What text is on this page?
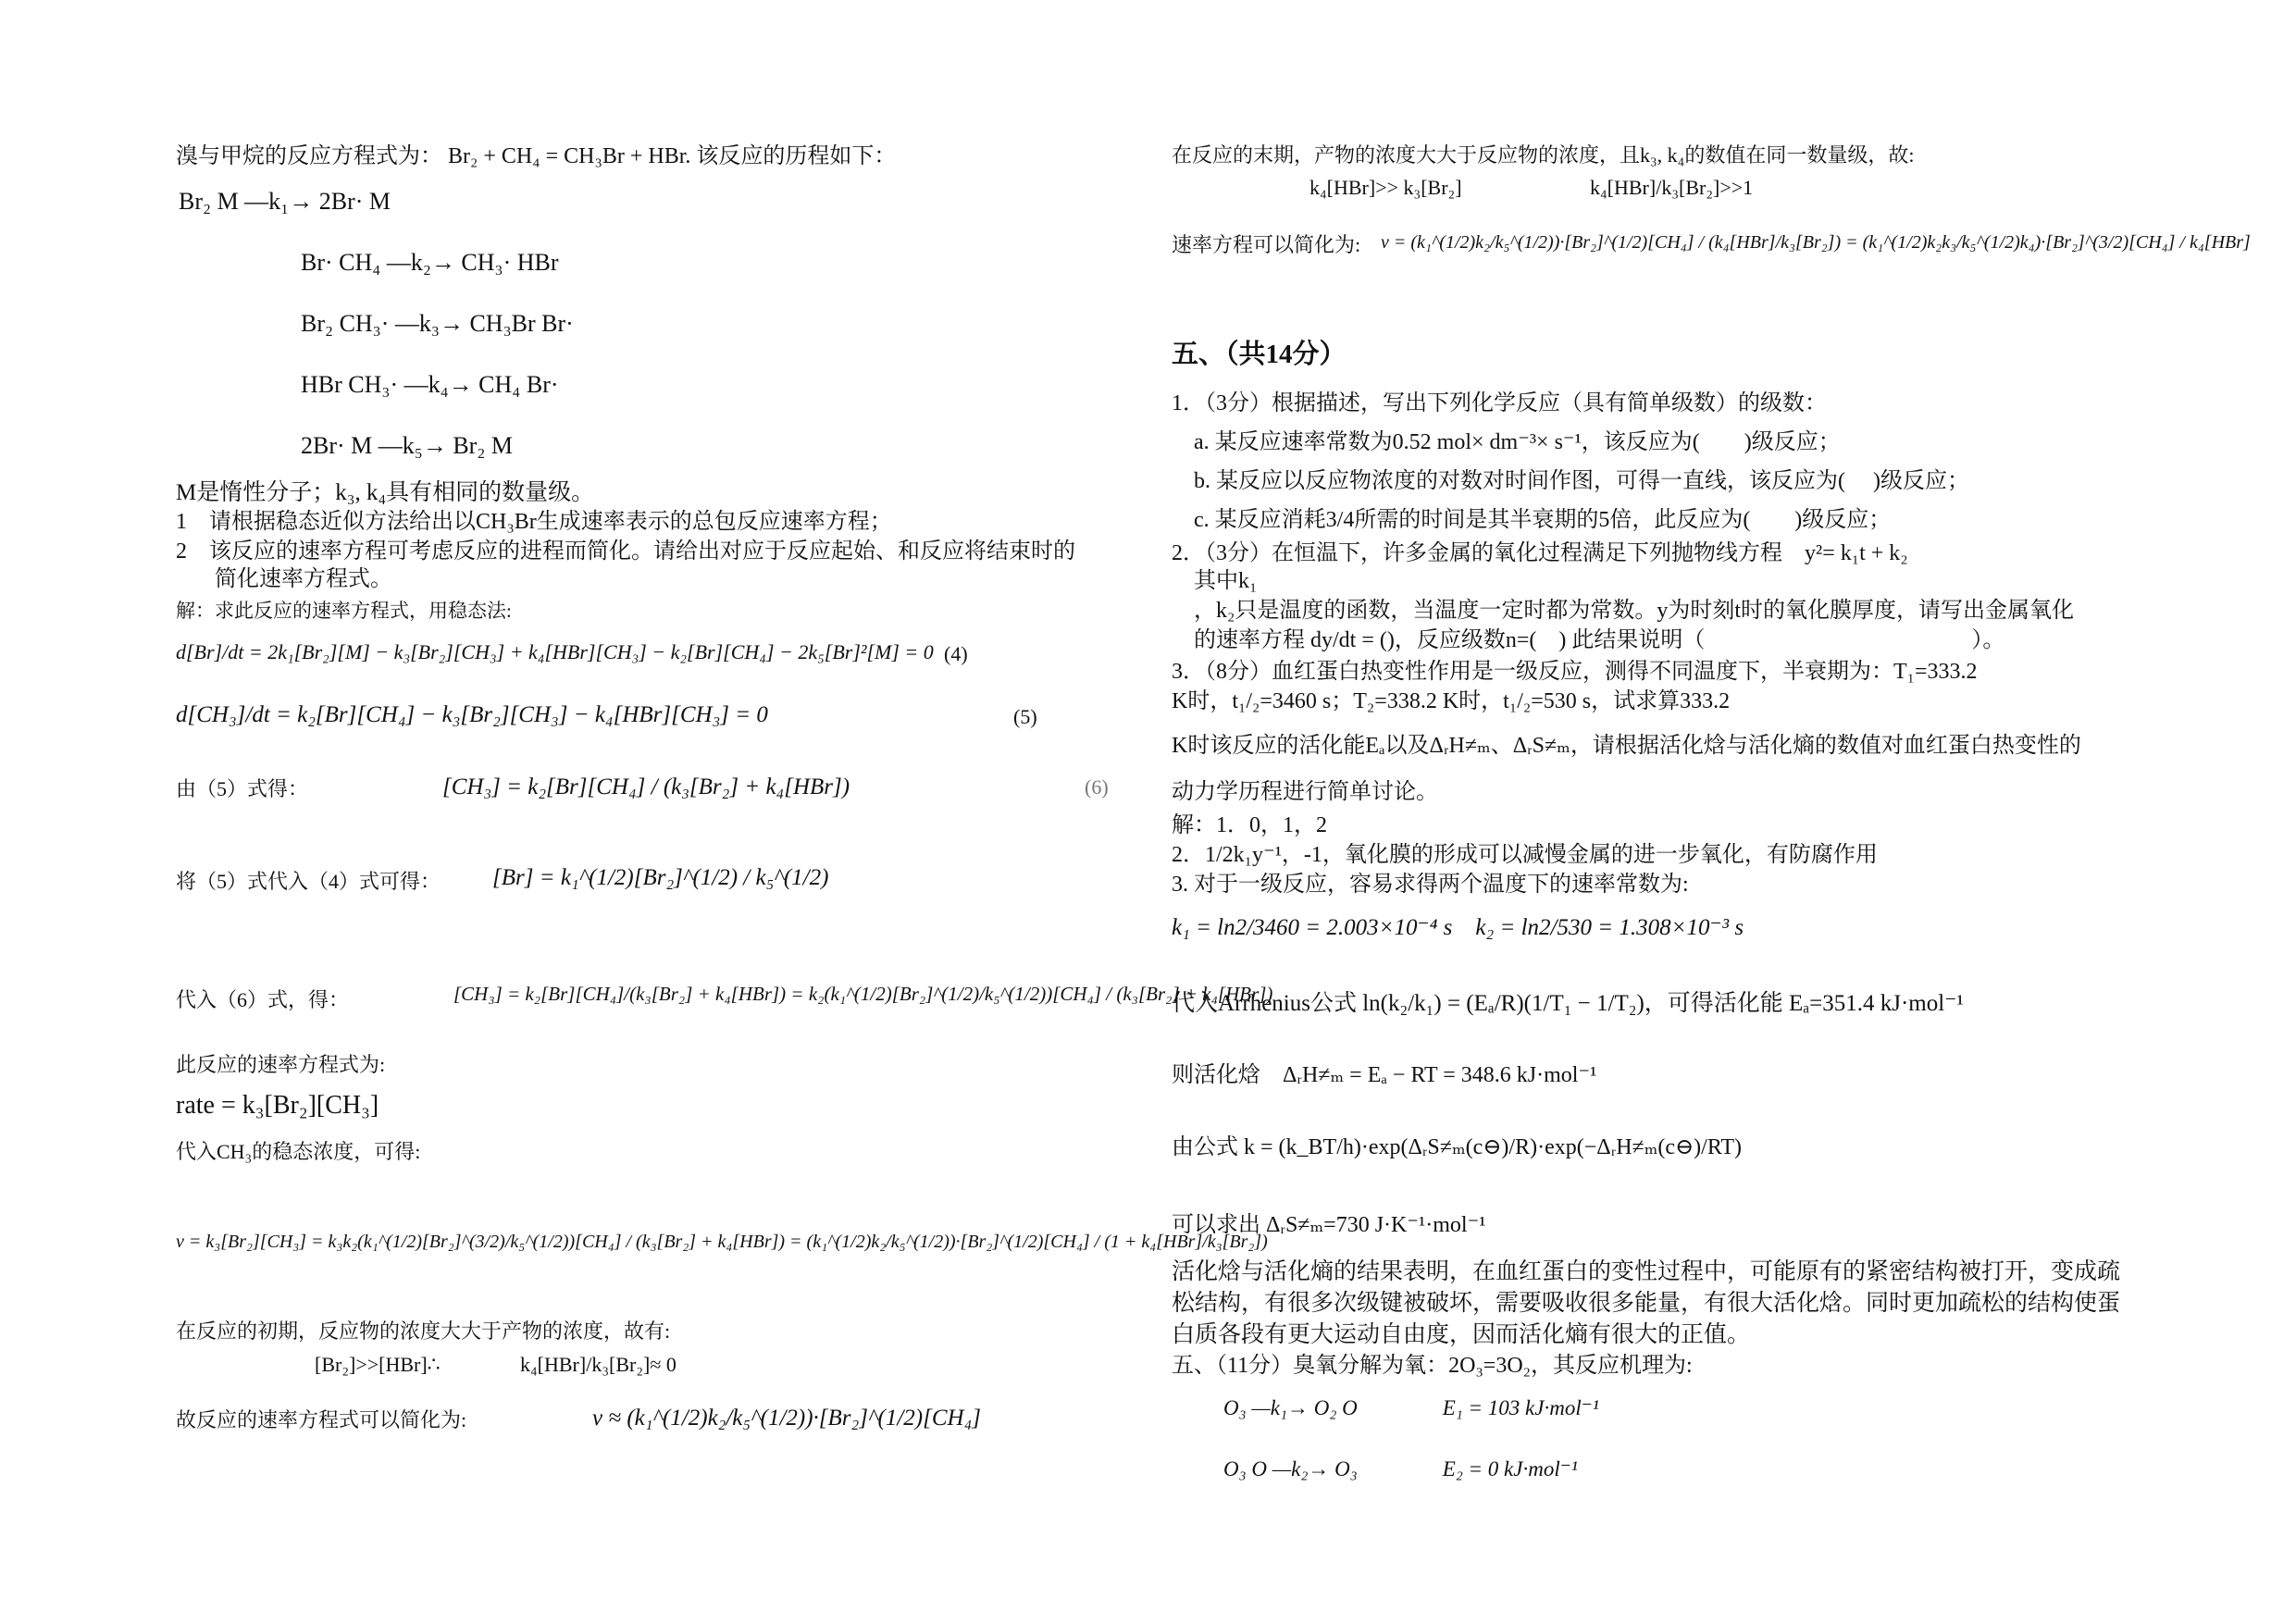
溴与甲烷的反应方程式为： Br₂ + CH₄ = CH₃Br + HBr. 该反应的历程如下：
Br₂ M —k₁→ 2Br· M
Br· CH₄ —k₂→ CH₃· HBr
Br₂ CH₃· —k₃→ CH₃Br Br·
HBr CH₃· —k₄→ CH₄ Br·
2Br· M —k₅→ Br₂ M
M是惰性分子；k₃, k₄具有相同的数量级。
1　请根据稳态近似方法给出以CH₃Br生成速率表示的总包反应速率方程；
2　该反应的速率方程可考虑反应的进程而简化。请给出对应于反应起始、和反应将结束时的
简化速率方程式。
解：求此反应的速率方程式，用稳态法:
d[Br]/dt = 2k₁[Br₂][M] − k₃[Br₂][CH₃] + k₄[HBr][CH₃] − k₂[Br][CH₄] − 2k₅[Br]²[M] = 0 (4)
d[CH₃]/dt = k₂[Br][CH₄] − k₃[Br₂][CH₃] − k₄[HBr][CH₃] = 0	(5)
由（5）式得：	[CH₃] = k₂[Br][CH₄] / (k₃[Br₂] + k₄[HBr])	(6)
将（5）式代入（4）式可得： [Br] = k₁^(1/2)[Br₂]^(1/2) / k₅^(1/2)
代入（6）式，得：	[CH₃] = k₂[Br][CH₄]/(k₃[Br₂] + k₄[HBr]) = k₂(k₁^(1/2)[Br₂]^(1/2)/k₅^(1/2))[CH₄] / (k₃[Br₂] + k₄[HBr])
此反应的速率方程式为:
rate = k₃[Br₂][CH₃]
代入CH₃的稳态浓度，可得:
v = k₃[Br₂][CH₃] = k₃k₂(k₁^(1/2)[Br₂]^(3/2)/k₅^(1/2))[CH₄] / (k₃[Br₂] + k₄[HBr]) = (k₁^(1/2)k₂/k₅^(1/2))·[Br₂]^(1/2)[CH₄] / (1 + k₄[HBr]/k₃[Br₂])
在反应的初期，反应物的浓度大大于产物的浓度，故有:
[Br₂]>>[HBr]∴	k₄[HBr]/k₃[Br₂]≈ 0
故反应的速率方程式可以简化为:	v ≈ (k₁^(1/2)k₂/k₅^(1/2))·[Br₂]^(1/2)[CH₄]
在反应的末期，产物的浓度大大于反应物的浓度，且k₃, k₄的数值在同一数量级，故:
k₄[HBr]>> k₃[Br₂]	k₄[HBr]/k₃[Br₂]>>1
速率方程可以简化为: v = (k₁^(1/2)k₂/k₅^(1/2))·[Br₂]^(1/2)[CH₄] / (k₄[HBr]/k₃[Br₂]) = (k₁^(1/2)k₂k₃/k₅^(1/2)k₄)·[Br₂]^(3/2)[CH₄] / k₄[HBr]
五、（共14分）
1．（3分）根据描述，写出下列化学反应（具有简单级数）的级数：
a. 某反应速率常数为0.52 mol× dm⁻³× s⁻¹，该反应为(　　)级反应；
b. 某反应以反应物浓度的对数对时间作图，可得一直线，该反应为(　 )级反应；
c. 某反应消耗3/4所需的时间是其半衰期的5倍，此反应为(　　)级反应；
2．（3分）在恒温下，许多金属的氧化过程满足下列抛物线方程　y²= k₁t + k₂
其中k₁
，k₂只是温度的函数，当温度一定时都为常数。y为时刻t时的氧化膜厚度，请写出金属氧化
的速率方程 dy/dt = ()，反应级数n=(　) 此结果说明（　　　　　　　　　　　　）。
3．（8分）血红蛋白热变性作用是一级反应，测得不同温度下，半衰期为：T₁=333.2
K时，t₁/₂=3460 s；T₂=338.2 K时，t₁/₂=530 s，试求算333.2
K时该反应的活化能Eₐ以及ΔᵣH≠ₘ、ΔᵣS≠ₘ，请根据活化焓与活化熵的数值对血红蛋白热变性的
动力学历程进行简单讨论。
解：1．0，1，2
2．1/2k₁y⁻¹，-1，氧化膜的形成可以减慢金属的进一步氧化，有防腐作用
3. 对于一级反应，容易求得两个温度下的速率常数为:
k₁ = ln2/3460 = 2.003×10⁻⁴ s　k₂ = ln2/530 = 1.308×10⁻³ s
代入Arrhenius公式 ln(k₂/k₁) = (Eₐ/R)(1/T₁ − 1/T₂)，可得活化能 Eₐ=351.4 kJ·mol⁻¹
则活化焓　ΔᵣH≠ₘ = Eₐ − RT = 348.6 kJ·mol⁻¹
由公式 k = (k_BT/h)·exp(ΔᵣS≠ₘ(c⊖)/R)·exp(−ΔᵣH≠ₘ(c⊖)/RT)
可以求出 ΔᵣS≠ₘ=730 J·K⁻¹·mol⁻¹
活化焓与活化熵的结果表明，在血红蛋白的变性过程中，可能原有的紧密结构被打开，变成疏
松结构，有很多次级键被破坏，需要吸收很多能量，有很大活化焓。同时更加疏松的结构使蛋
白质各段有更大运动自由度，因而活化熵有很大的正值。
五、（11分）臭氧分解为氧：2O₃=3O₂，其反应机理为:
O₃ —k₁→ O₂ O　　　　E₁ = 103 kJ·mol⁻¹
O₃ O —k₂→ O₃　　　　E₂ = 0 kJ·mol⁻¹
